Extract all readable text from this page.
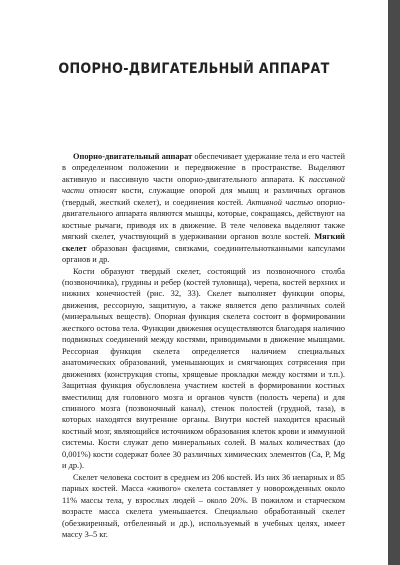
ОПОРНО-ДВИГАТЕЛЬНЫЙ АППАРАТ

Опорно-двигательный аппарат обеспечивает удержание тела и его частей в определенном положении и передвижение в пространстве. Выделяют активную и пассивную части опорно-двигательного аппарата. К пассивной части относят кости, служащие опорой для мышц и различных органов (твердый, жесткий скелет), и соединения костей. Активной частью опорно-двигательного аппарата являются мышцы, которые, сокращаясь, действуют на костные рычаги, приводя их в движение. В теле человека выделяют также мягкий скелет, участвующий в удерживании органов возле костей. Мягкий скелет образован фасциями, связками, соединительнотканными капсулами органов и др.

Кости образуют твердый скелет, состоящий из позвоночного столба (позвоночника), грудины и ребер (костей туловища), черепа, костей верхних и нижних конечностей (рис. 32, 33). Скелет выполняет функции опоры, движения, рессорную, защитную, а также является депо различных солей (минеральных веществ). Опорная функция скелета состоит в формировании жесткого остова тела. Функции движения осуществляются благодаря наличию подвижных соединений между костями, приводимыми в движение мышцами. Рессорная функция скелета определяется наличием специальных анатомических образований, уменьшающих и смягчающих сотрясения при движениях (конструкция стопы, хрящевые прокладки между костями и т.п.). Защитная функция обусловлена участием костей в формировании костных вместилищ для головного мозга и органов чувств (полость черепа) и для спинного мозга (позвоночный канал), стенок полостей (грудной, таза), в которых находятся внутренние органы. Внутри костей находится красный костный мозг, являющийся источником образования клеток крови и иммунной системы. Кости служат депо минеральных солей. В малых количествах (до 0,001%) кости содержат более 30 различных химических элементов (Ca, P, Mg и др.).

Скелет человека состоит в среднем из 206 костей. Из них 36 непарных и 85 парных костей. Масса «живого» скелета составляет у новорожденных около 11% массы тела, у взрослых людей – около 20%. В пожилом и старческом возрасте масса скелета уменьшается. Специально обработанный скелет (обезжиренный, отбеленный и др.), используемый в учебных целях, имеет массу 3–5 кг.
